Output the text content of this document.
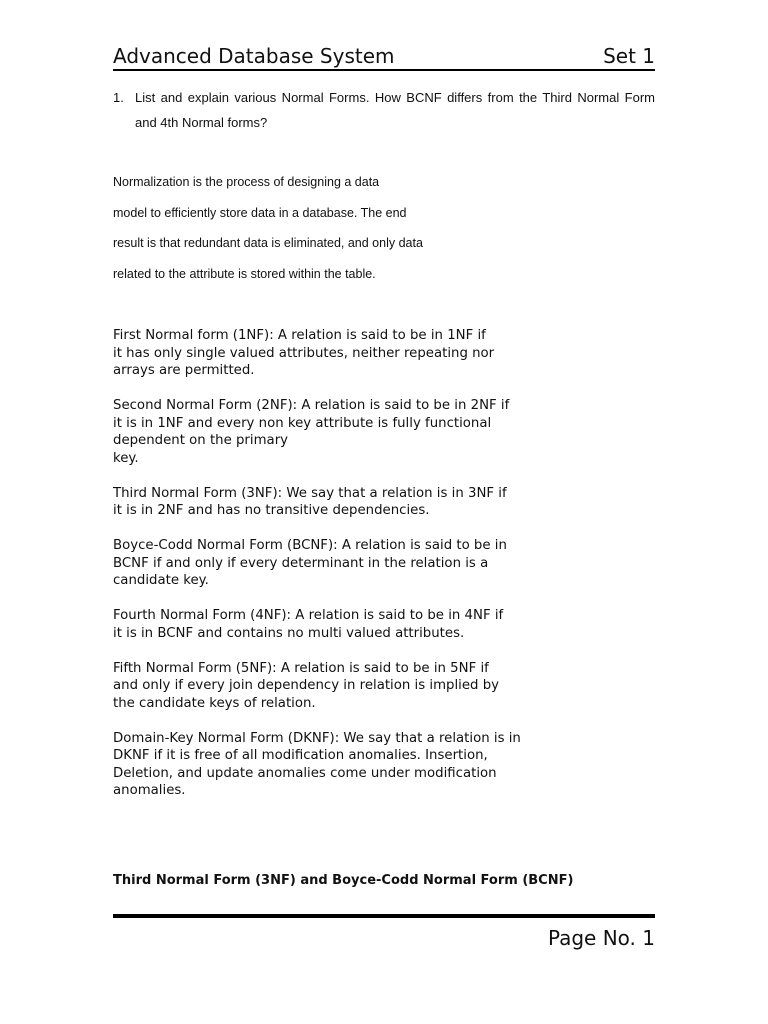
Advanced Database System	Set 1
1. List and explain various Normal Forms. How BCNF differs from the Third Normal Form and 4th Normal forms?
Normalization is the process of designing a data
model to efficiently store data in a database. The end
result is that redundant data is eliminated, and only data
related to the attribute is stored within the table.
First Normal form (1NF): A relation is said to be in 1NF if
it has only single valued attributes, neither repeating nor
arrays are permitted.
Second Normal Form (2NF): A relation is said to be in 2NF if
it is in 1NF and every non key attribute is fully functional
dependent on the primary
key.
Third Normal Form (3NF): We say that a relation is in 3NF if
it is in 2NF and has no transitive dependencies.
Boyce-Codd Normal Form (BCNF): A relation is said to be in
BCNF if and only if every determinant in the relation is a
candidate key.
Fourth Normal Form (4NF): A relation is said to be in 4NF if
it is in BCNF and contains no multi valued attributes.
Fifth Normal Form (5NF): A relation is said to be in 5NF if
and only if every join dependency in relation is implied by
the candidate keys of relation.
Domain-Key Normal Form (DKNF): We say that a relation is in
DKNF if it is free of all modification anomalies. Insertion,
Deletion, and update anomalies come under modification
anomalies.
Third Normal Form (3NF) and Boyce-Codd Normal Form (BCNF)
Page No. 1
